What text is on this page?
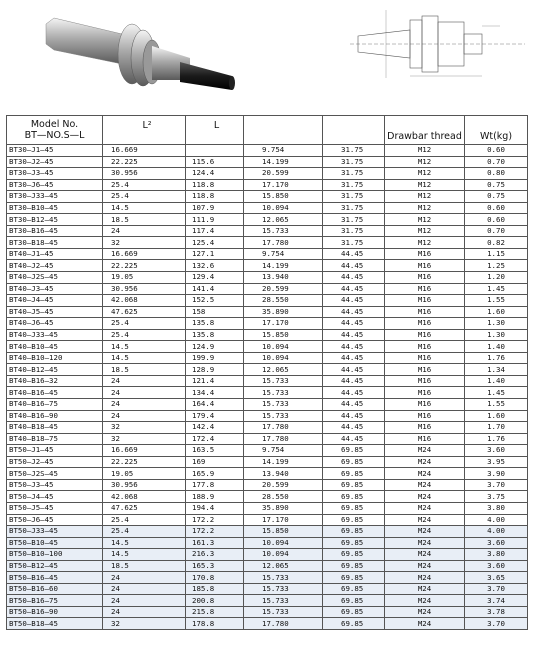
Model No.
BT—NO.S—L	L²	L			Drawbar thread	Wt(kg)
BT30—J1—45	16.669		9.754	31.75	M12	0.60
BT30—J2—45	22.225	115.6	14.199	31.75	M12	0.70
BT30—J3—45	30.956	124.4	20.599	31.75	M12	0.80
BT30—J6—45	25.4	118.8	17.170	31.75	M12	0.75
BT30—J33—45	25.4	118.8	15.850	31.75	M12	0.75
BT30—B10—45	14.5	107.9	10.094	31.75	M12	0.60
BT30—B12—45	18.5	111.9	12.065	31.75	M12	0.60
BT30—B16—45	24	117.4	15.733	31.75	M12	0.70
BT30—B18—45	32	125.4	17.780	31.75	M12	0.82
BT40—J1—45	16.669	127.1	9.754	44.45	M16	1.15
BT40—J2—45	22.225	132.6	14.199	44.45	M16	1.25
BT40—J2S—45	19.05	129.4	13.940	44.45	M16	1.20
BT40—J3—45	30.956	141.4	20.599	44.45	M16	1.45
BT40—J4—45	42.068	152.5	28.550	44.45	M16	1.55
BT40—J5—45	47.625	158	35.890	44.45	M16	1.60
BT40—J6—45	25.4	135.8	17.170	44.45	M16	1.30
BT40—J33—45	25.4	135.8	15.850	44.45	M16	1.30
BT40—B10—45	14.5	124.9	10.094	44.45	M16	1.40
BT40—B10—120	14.5	199.9	10.094	44.45	M16	1.76
BT40—B12—45	18.5	128.9	12.065	44.45	M16	1.34
BT40—B16—32	24	121.4	15.733	44.45	M16	1.40
BT40—B16—45	24	134.4	15.733	44.45	M16	1.45
BT40—B16—75	24	164.4	15.733	44.45	M16	1.55
BT40—B16—90	24	179.4	15.733	44.45	M16	1.60
BT40—B18—45	32	142.4	17.780	44.45	M16	1.70
BT40—B18—75	32	172.4	17.780	44.45	M16	1.76
BT50—J1—45	16.669	163.5	9.754	69.85	M24	3.60
BT50—J2—45	22.225	169	14.199	69.85	M24	3.95
BT50—J2S—45	19.05	165.9	13.940	69.85	M24	3.90
BT50—J3—45	30.956	177.8	20.599	69.85	M24	3.70
BT50—J4—45	42.068	188.9	28.550	69.85	M24	3.75
BT50—J5—45	47.625	194.4	35.890	69.85	M24	3.80
BT50—J6—45	25.4	172.2	17.170	69.85	M24	4.00
BT50—J33—45	25.4	172.2	15.850	69.85	M24	4.00
BT50—B10—45	14.5	161.3	10.094	69.85	M24	3.60
BT50—B10—100	14.5	216.3	10.094	69.85	M24	3.80
BT50—B12—45	18.5	165.3	12.065	69.85	M24	3.60
BT50—B16—45	24	170.8	15.733	69.85	M24	3.65
BT50—B16—60	24	185.8	15.733	69.85	M24	3.70
BT50—B16—75	24	200.8	15.733	69.85	M24	3.74
BT50—B16—90	24	215.8	15.733	69.85	M24	3.78
BT50—B18—45	32	178.8	17.780	69.85	M24	3.70
